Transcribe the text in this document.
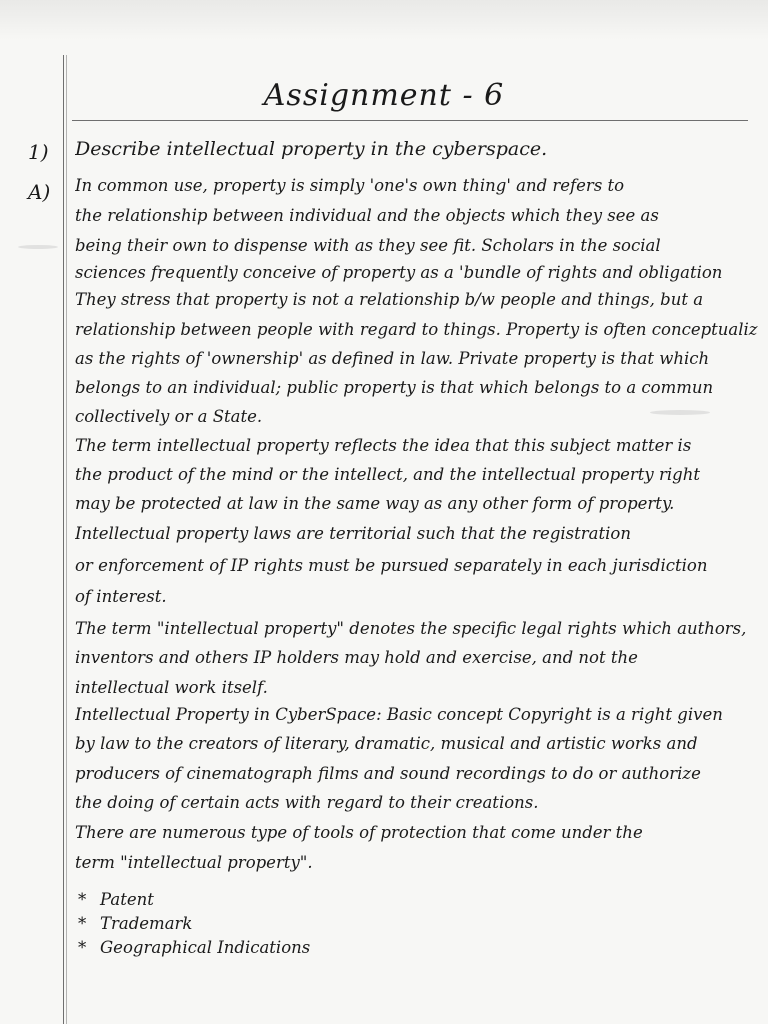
Assignment - 6
1) Describe intellectual property in the cyberspace.
A) In common use, property is simply 'one's own thing' and refers to
the relationship between individual and the objects which they see as
being their own to dispense with as they see fit. Scholars in the social
sciences frequently conceive of property as a 'bundle of rights and obligation
They stress that property is not a relationship b/w people and things, but a
relationship between people with regard to things. Property is often conceptualiz
as the rights of 'ownership' as defined in law. Private property is that which
belongs to an individual; public property is that which belongs to a commun
collectively or a State.
The term intellectual property reflects the idea that this subject matter is
the product of the mind or the intellect, and the intellectual property right
may be protected at law in the same way as any other form of property.
Intellectual property laws are territorial such that the registration
or enforcement of IP rights must be pursued separately in each jurisdiction
of interest.
The term "intellectual property" denotes the specific legal rights which authors,
inventors and others IP holders may hold and exercise, and not the
intellectual work itself.
Intellectual Property in CyberSpace: Basic concept Copyright is a right given
by law to the creators of literary, dramatic, musical and artistic works and
producers of cinematograph films and sound recordings to do or authorize
the doing of certain acts with regard to their creations.
There are numerous type of tools of protection that come under the
term "intellectual property".
* Patent
* Trademark
* Geographical Indications
